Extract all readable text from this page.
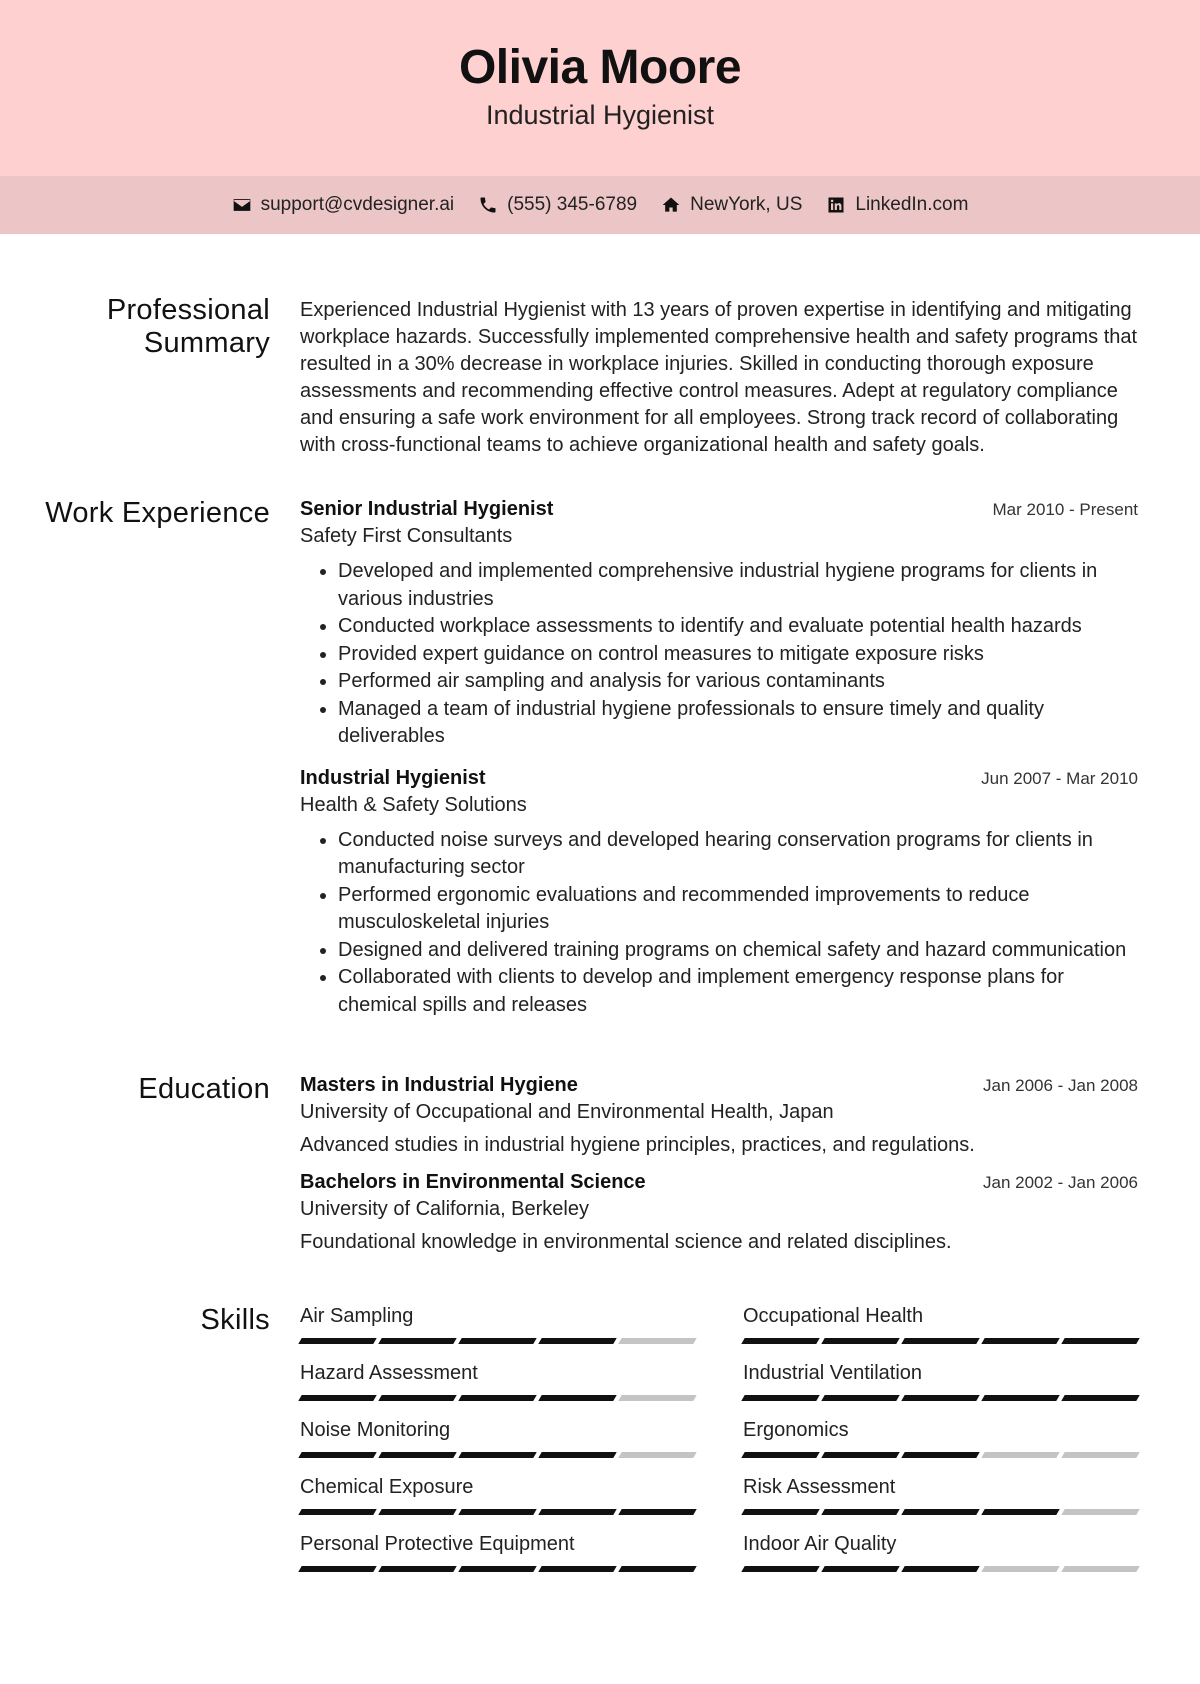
Olivia Moore
Industrial Hygienist
support@cvdesigner.ai	(555) 345-6789	NewYork, US	LinkedIn.com
Professional Summary
Experienced Industrial Hygienist with 13 years of proven expertise in identifying and mitigating workplace hazards. Successfully implemented comprehensive health and safety programs that resulted in a 30% decrease in workplace injuries. Skilled in conducting thorough exposure assessments and recommending effective control measures. Adept at regulatory compliance and ensuring a safe work environment for all employees. Strong track record of collaborating with cross-functional teams to achieve organizational health and safety goals.
Work Experience Senior Industrial Hygienist	Mar 2010 - Present
Safety First Consultants
• Developed and implemented comprehensive industrial hygiene programs for clients in various industries
• Conducted workplace assessments to identify and evaluate potential health hazards
• Provided expert guidance on control measures to mitigate exposure risks
• Performed air sampling and analysis for various contaminants
• Managed a team of industrial hygiene professionals to ensure timely and quality deliverables
Industrial Hygienist	Jun 2007 - Mar 2010
Health & Safety Solutions
• Conducted noise surveys and developed hearing conservation programs for clients in manufacturing sector
• Performed ergonomic evaluations and recommended improvements to reduce musculoskeletal injuries
• Designed and delivered training programs on chemical safety and hazard communication
• Collaborated with clients to develop and implement emergency response plans for chemical spills and releases
Education Masters in Industrial Hygiene	Jan 2006 - Jan 2008
University of Occupational and Environmental Health, Japan
Advanced studies in industrial hygiene principles, practices, and regulations.
Bachelors in Environmental Science	Jan 2002 - Jan 2006
University of California, Berkeley
Foundational knowledge in environmental science and related disciplines.
Skills Air Sampling	Occupational Health
Hazard Assessment	Industrial Ventilation
Noise Monitoring	Ergonomics
Chemical Exposure	Risk Assessment
Personal Protective Equipment	Indoor Air Quality
